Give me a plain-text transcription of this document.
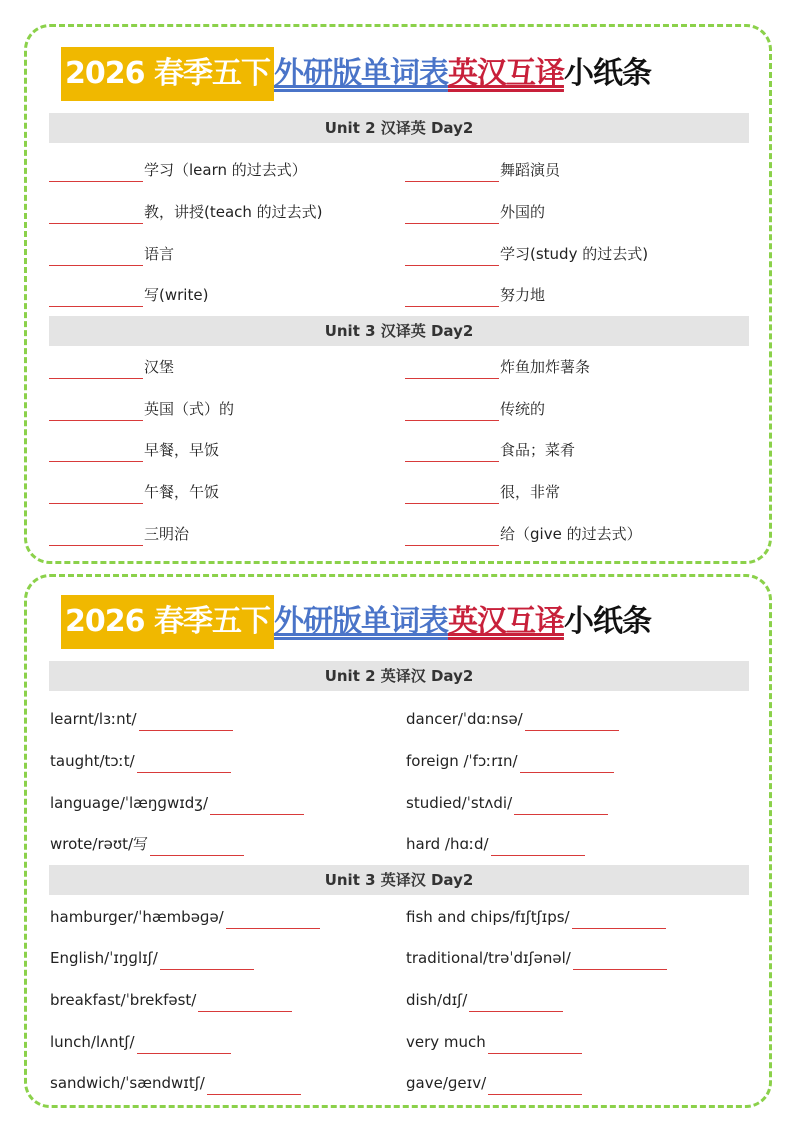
2026 春季五下 外研版单词表英汉互译小纸条
Unit 2 汉译英 Day2
学习（learn 的过去式）
教，讲授(teach 的过去式)
语言
写(write)
舞蹈演员
外国的
学习(study 的过去式)
努力地
Unit 3 汉译英 Day2
汉堡
英国（式）的
早餐，早饭
午餐，午饭
三明治
炸鱼加炸薯条
传统的
食品；菜肴
很，非常
给（give 的过去式）
2026 春季五下 外研版单词表英汉互译小纸条
Unit 2 英译汉 Day2
learnt/lɜːnt/
taught/tɔːt/
language/ˈlæŋɡwɪdʒ/
wrote/rəʊt/写
dancer/ˈdɑːnsə/
foreign /ˈfɔːrɪn/
studied/ˈstʌdi/
hard /hɑːd/
Unit 3 英译汉 Day2
hamburger/ˈhæmbəɡə/
English/ˈɪŋɡlɪʃ/
breakfast/ˈbrekfəst/
lunch/lʌntʃ/
sandwich/ˈsændwɪtʃ/
fish and chips/fɪʃtʃɪps/
traditional/trəˈdɪʃənəl/
dish/dɪʃ/
very much
gave/ɡeɪv/
